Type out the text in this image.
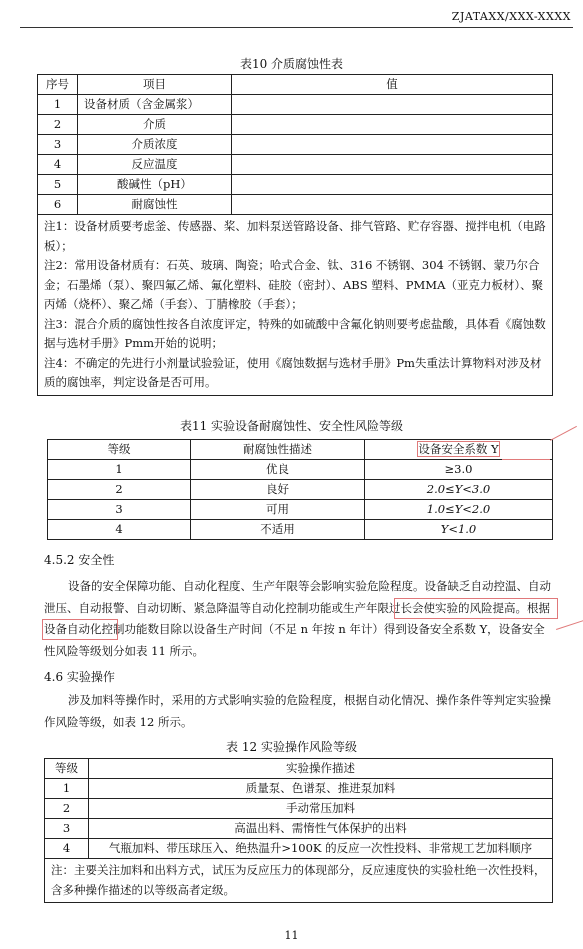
ZJATAXX/XXX-XXXX
表10 介质腐蚀性表
序号	项目	值
1	设备材质（含金属浆）	
2	介质	
3	介质浓度	
4	反应温度	
5	酸碱性（pH）	
6	耐腐蚀性	

注1：设备材质要考虑釜、传感器、桨、加料泵送管路设备、排气管路、贮存容器、搅拌电机（电路板）；
注2：常用设备材质有：石英、玻璃、陶瓷；哈式合金、钛、316 不锈钢、304 不锈钢、蒙乃尔合金；石墨烯（泵）、聚四氟乙烯、氟化塑料、硅胶（密封）、ABS 塑料、PMMA（亚克力板材）、聚丙烯（烧杯）、聚乙烯（手套）、丁腈橡胶（手套）；
注3：混合介质的腐蚀性按各自浓度评定，特殊的如硫酸中含氟化钠则要考虑盐酸，具体看《腐蚀数据与选材手册》Pmm开始的说明；
注4：不确定的先进行小剂量试验验证，使用《腐蚀数据与选材手册》Pm失重法计算物料对涉及材质的腐蚀率，判定设备是否可用。		
表11 实验设备耐腐蚀性、安全性风险等级
等级	耐腐蚀性描述	设备安全系数 Y
1	优良	≥3.0
2	良好	2.0≤Y<3.0
3	可用	1.0≤Y<2.0
4	不适用	Y<1.0
4.5.2 安全性
设备的安全保障功能、自动化程度、生产年限等会影响实验危险程度。设备缺乏自动控温、自动泄压、自动报警、自动切断、紧急降温等自动化控制功能或生产年限过长会使实验的风险提高。根据设备自动化控制功能数目除以设备生产时间（不足 n 年按 n 年计）得到设备安全系数 Y，设备安全性风险等级划分如表 11 所示。
4.6 实验操作
涉及加料等操作时，采用的方式影响实验的危险程度，根据自动化情况、操作条件等判定实验操作风险等级，如表 12 所示。
表 12 实验操作风险等级
等级	实验操作描述
1	质量泵、色谱泵、推进泵加料
2	手动常压加料
3	高温出料、需惰性气体保护的出料
4	气瓶加料、带压球压入、绝热温升>100K 的反应一次性投料、非常规工艺加料顺序
注：主要关注加料和出料方式，试压为反应压力的体现部分，反应速度快的实验杜绝一次性投料，含多种操作描述的以等级高者定级。	
11
